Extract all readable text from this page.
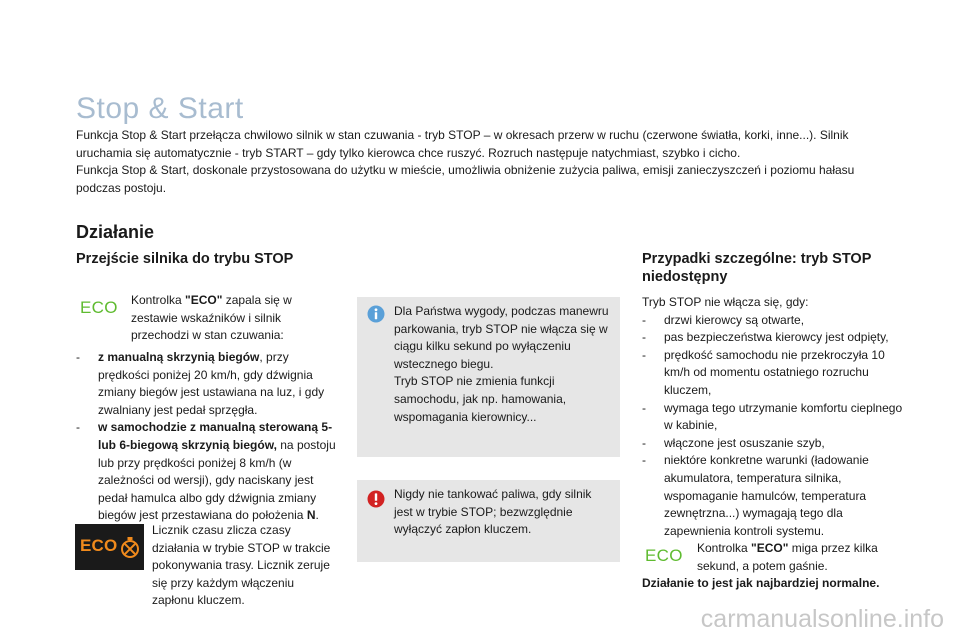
Stop & Start

Funkcja Stop & Start przełącza chwilowo silnik w stan czuwania - tryb STOP – w okresach przerw w ruchu (czerwone światła, korki, inne...). Silnik uruchamia się automatycznie - tryb START – gdy tylko kierowca chce ruszyć. Rozruch następuje natychmiast, szybko i cicho.

Funkcja Stop & Start, doskonale przystosowana do użytku w mieście, umożliwia obniżenie zużycia paliwa, emisji zanieczyszczeń i poziomu hałasu podczas postoju.

Działanie
Przejście silnika do trybu STOP
ECO Kontrolka "ECO" zapala się w zestawie wskaźników i silnik przechodzi w stan czuwania:
- z manualną skrzynią biegów, przy prędkości poniżej 20 km/h, gdy dźwignia zmiany biegów jest ustawiana na luz, i gdy zwalniany jest pedał sprzęgła.
- w samochodzie z manualną sterowaną 5- lub 6-biegową skrzynią biegów, na postoju lub przy prędkości poniżej 8 km/h (w zależności od wersji), gdy naciskany jest pedał hamulca albo gdy dźwignia zmiany biegów jest przestawiana do położenia N.
ECO
Licznik czasu zlicza czasy działania w trybie STOP w trakcie pokonywania trasy. Licznik zeruje się przy każdym włączeniu zapłonu kluczem.

Dla Państwa wygody, podczas manewru parkowania, tryb STOP nie włącza się w ciągu kilku sekund po wyłączeniu wstecznego biegu.

Tryb STOP nie zmienia funkcji samochodu, jak np. hamowania, wspomagania kierownicy...

Nigdy nie tankować paliwa, gdy silnik jest w trybie STOP; bezwzględnie wyłączyć zapłon kluczem.
Przypadki szczególne: tryb STOP niedostępny

Tryb STOP nie włącza się, gdy:

- drzwi kierowcy są otwarte,
- pas bezpieczeństwa kierowcy jest odpięty,
- prędkość samochodu nie przekroczyła 10 km/h od momentu ostatniego rozruchu kluczem,
- wymaga tego utrzymanie komfortu cieplnego w kabinie,
- włączone jest osuszanie szyb,
- niektóre konkretne warunki (ładowanie akumulatora, temperatura silnika, wspomaganie hamulców, temperatura zewnętrzna...) wymagają tego dla zapewnienia kontroli systemu.
ECO Kontrolka "ECO" miga przez kilka sekund, a potem gaśnie.
Działanie to jest jak najbardziej normalne.
carmanualsonline.info
